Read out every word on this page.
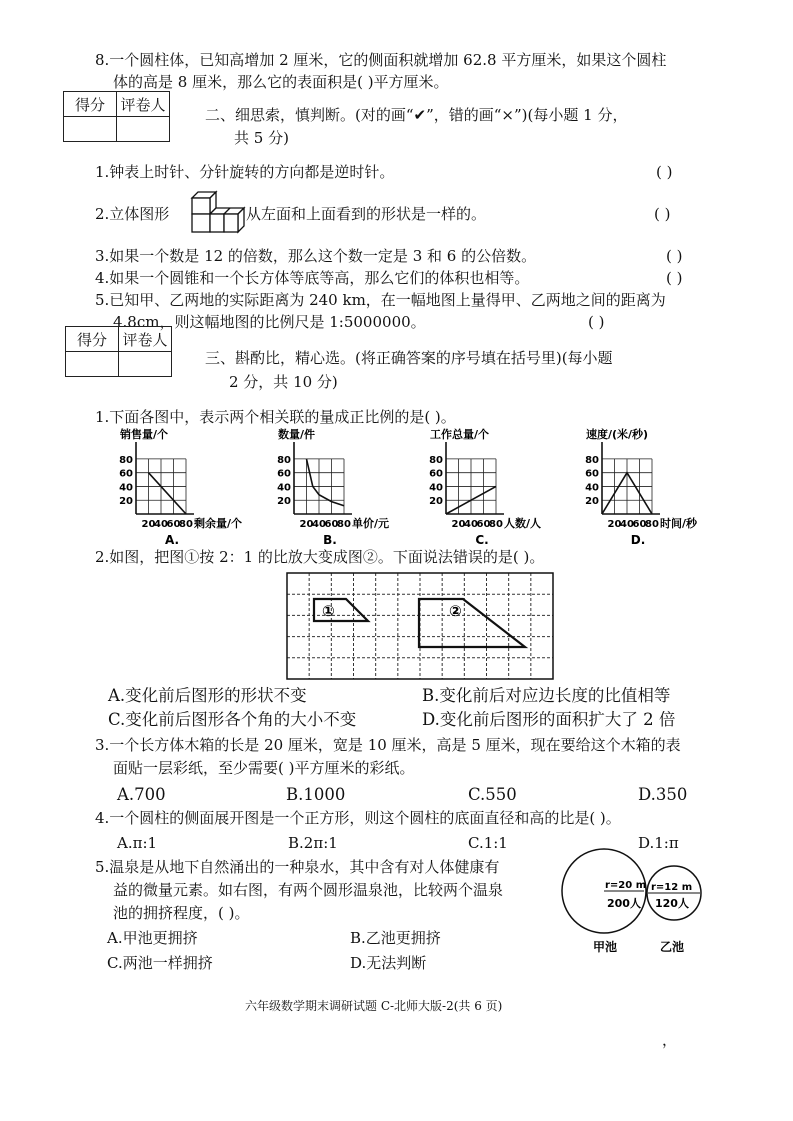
8.一个圆柱体，已知高增加 2 厘米，它的侧面积就增加 62.8 平方厘米，如果这个圆柱
体的高是 8 厘米，那么它的表面积是( )平方厘米。
得分	评卷人

二、细思索，慎判断。(对的画“✔”，错的画“×”)(每小题 1 分，
共 5 分)
1.钟表上时针、分针旋转的方向都是逆时针。	( )
2.立体图形	从左面和上面看到的形状是一样的。	( )
3.如果一个数是 12 的倍数，那么这个数一定是 3 和 6 的公倍数。	( )
4.如果一个圆锥和一个长方体等底等高，那么它们的体积也相等。	( )
5.已知甲、乙两地的实际距离为 240 km，在一幅地图上量得甲、乙两地之间的距离为
4.8cm，则这幅地图的比例尺是 1:5000000。	( )
得分	评卷人

三、斟酌比，精心选。(将正确答案的序号填在括号里)(每小题
2 分，共 10 分)
1.下面各图中，表示两个相关联的量成正比例的是( )。
20
40
60
80
20
40
60
80
销售量/个
剩余量/个
A.
20
40
60
80
20
40
60
80
数量/件
单价/元
B.
20
40
60
80
20
40
60
80
工作总量/个
人数/人
C.
20
40
60
80
20
40
60
80
速度/(米/秒)
时间/秒
D.
2.如图，把图①按 2：1 的比放大变成图②。下面说法错误的是( )。
①	②
A.变化前后图形的形状不变	B.变化前后对应边长度的比值相等
C.变化前后图形各个角的大小不变	D.变化前后图形的面积扩大了 2 倍
3.一个长方体木箱的长是 20 厘米，宽是 10 厘米，高是 5 厘米，现在要给这个木箱的表
面贴一层彩纸，至少需要( )平方厘米的彩纸。
A.700	B.1000	C.550	D.350
4.一个圆柱的侧面展开图是一个正方形，则这个圆柱的底面直径和高的比是( )。
A.π:1	B.2π:1	C.1:1	D.1:π
5.温泉是从地下自然涌出的一种泉水，其中含有对人体健康有
益的微量元素。如右图，有两个圆形温泉池，比较两个温泉
池的拥挤程度，( )。
r=20 m
200人
r=12 m
120人
甲池	乙池
A.甲池更拥挤	B.乙池更拥挤
C.两池一样拥挤	D.无法判断
六年级数学期末调研试题 C-北师大版-2(共 6 页)
，
